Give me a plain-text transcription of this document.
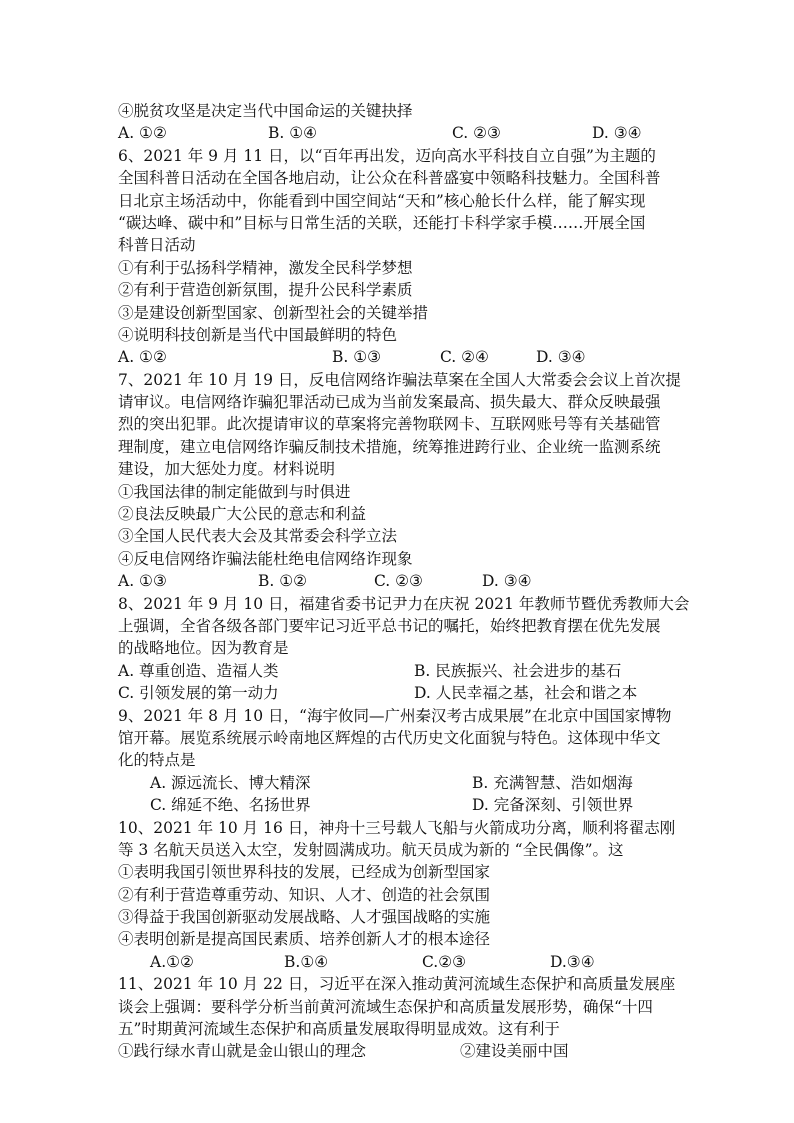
④脱贫攻坚是决定当代中国命运的关键抉择
A. ①②	B. ①④	C. ②③	D. ③④
6、2021 年 9 月 11 日，以“百年再出发，迈向高水平科技自立自强”为主题的
全国科普日活动在全国各地启动，让公众在科普盛宴中领略科技魅力。全国科普
日北京主场活动中，你能看到中国空间站“天和”核心舱长什么样，能了解实现
“碳达峰、碳中和”目标与日常生活的关联，还能打卡科学家手模……开展全国
科普日活动
①有利于弘扬科学精神，激发全民科学梦想
②有利于营造创新氛围，提升公民科学素质
③是建设创新型国家、创新型社会的关键举措
④说明科技创新是当代中国最鲜明的特色
A. ①②	B. ①③	C. ②④	D. ③④
7、2021 年 10 月 19 日，反电信网络诈骗法草案在全国人大常委会会议上首次提
请审议。电信网络诈骗犯罪活动已成为当前发案最高、损失最大、群众反映最强
烈的突出犯罪。此次提请审议的草案将完善物联网卡、互联网账号等有关基础管
理制度，建立电信网络诈骗反制技术措施，统筹推进跨行业、企业统一监测系统
建设，加大惩处力度。材料说明
①我国法律的制定能做到与时俱进
②良法反映最广大公民的意志和利益
③全国人民代表大会及其常委会科学立法
④反电信网络诈骗法能杜绝电信网络诈现象
A. ①③	B. ①②	C. ②③	D. ③④
8、2021 年 9 月 10 日，福建省委书记尹力在庆祝 2021 年教师节暨优秀教师大会
上强调，全省各级各部门要牢记习近平总书记的嘱托，始终把教育摆在优先发展
的战略地位。因为教育是
A. 尊重创造、造福人类	B. 民族振兴、社会进步的基石
C. 引领发展的第一动力	D. 人民幸福之基，社会和谐之本
9、2021 年 8 月 10 日，“海宇攸同—广州秦汉考古成果展”在北京中国国家博物
馆开幕。展览系统展示岭南地区辉煌的古代历史文化面貌与特色。这体现中华文
化的特点是
A. 源远流长、博大精深	B. 充满智慧、浩如烟海
C. 绵延不绝、名扬世界	D. 完备深刻、引领世界
10、2021 年 10 月 16 日，神舟十三号载人飞船与火箭成功分离，顺利将翟志刚
等 3 名航天员送入太空，发射圆满成功。航天员成为新的 “全民偶像”。这
①表明我国引领世界科技的发展，已经成为创新型国家
②有利于营造尊重劳动、知识、人才、创造的社会氛围
③得益于我国创新驱动发展战略、人才强国战略的实施
④表明创新是提高国民素质、培养创新人才的根本途径
A.①②	B.①④	C.②③	D.③④
11、2021 年 10 月 22 日，习近平在深入推动黄河流域生态保护和高质量发展座
谈会上强调：要科学分析当前黄河流域生态保护和高质量发展形势，确保“十四
五”时期黄河流域生态保护和高质量发展取得明显成效。这有利于
①践行绿水青山就是金山银山的理念	②建设美丽中国
